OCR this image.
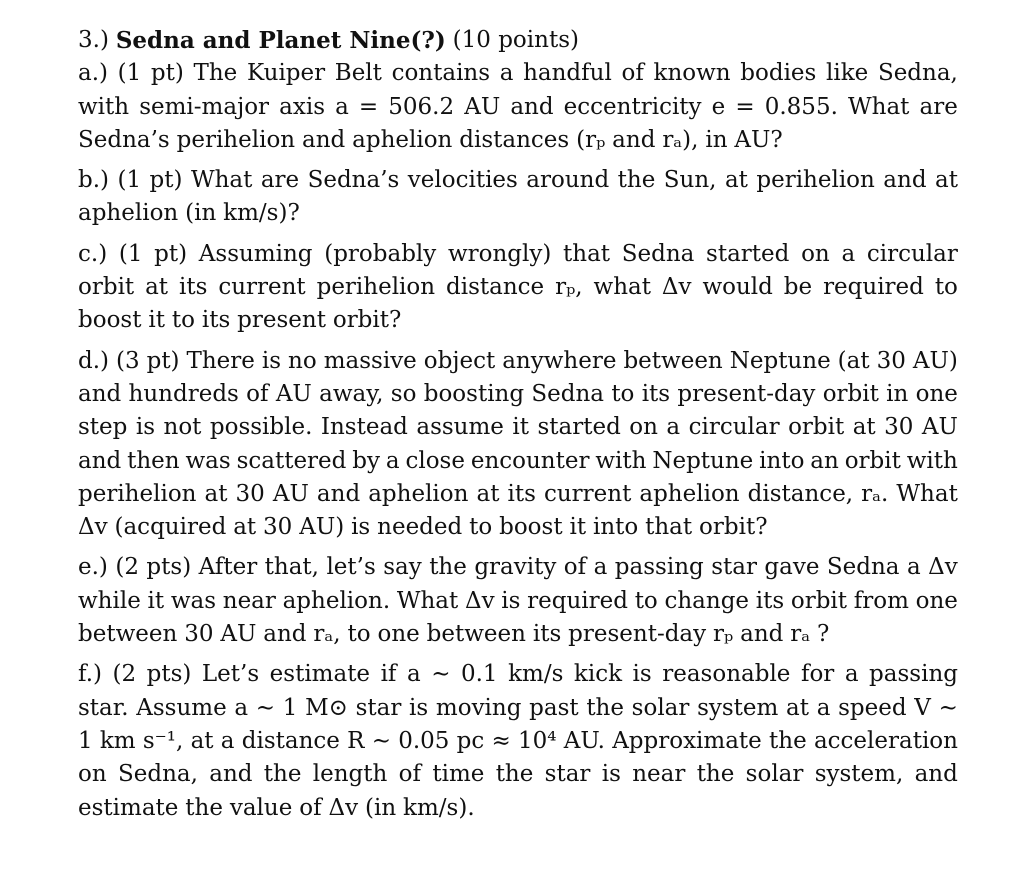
3.) Sedna and Planet Nine(?) (10 points)
a.) (1 pt) The Kuiper Belt contains a handful of known bodies like Sedna,
with semi-major axis a = 506.2 AU and eccentricity e = 0.855. What are
Sedna’s perihelion and aphelion distances (rₚ and rₐ), in AU?
b.) (1 pt) What are Sedna’s velocities around the Sun, at perihelion and at
aphelion (in km/s)?
c.) (1 pt) Assuming (probably wrongly) that Sedna started on a circular
orbit at its current perihelion distance rₚ, what Δv would be required to
boost it to its present orbit?
d.) (3 pt) There is no massive object anywhere between Neptune (at 30 AU)
and hundreds of AU away, so boosting Sedna to its present-day orbit in one
step is not possible. Instead assume it started on a circular orbit at 30 AU
and then was scattered by a close encounter with Neptune into an orbit with
perihelion at 30 AU and aphelion at its current aphelion distance, rₐ. What
Δv (acquired at 30 AU) is needed to boost it into that orbit?
e.) (2 pts) After that, let’s say the gravity of a passing star gave Sedna a Δv
while it was near aphelion. What Δv is required to change its orbit from one
between 30 AU and rₐ, to one between its present-day rₚ and rₐ ?
f.) (2 pts) Let’s estimate if a ∼ 0.1 km/s kick is reasonable for a passing
star. Assume a ∼ 1 M⊙ star is moving past the solar system at a speed V ∼
1 km s⁻¹, at a distance R ∼ 0.05 pc ≈ 10⁴ AU. Approximate the acceleration
on Sedna, and the length of time the star is near the solar system, and
estimate the value of Δv (in km/s).
